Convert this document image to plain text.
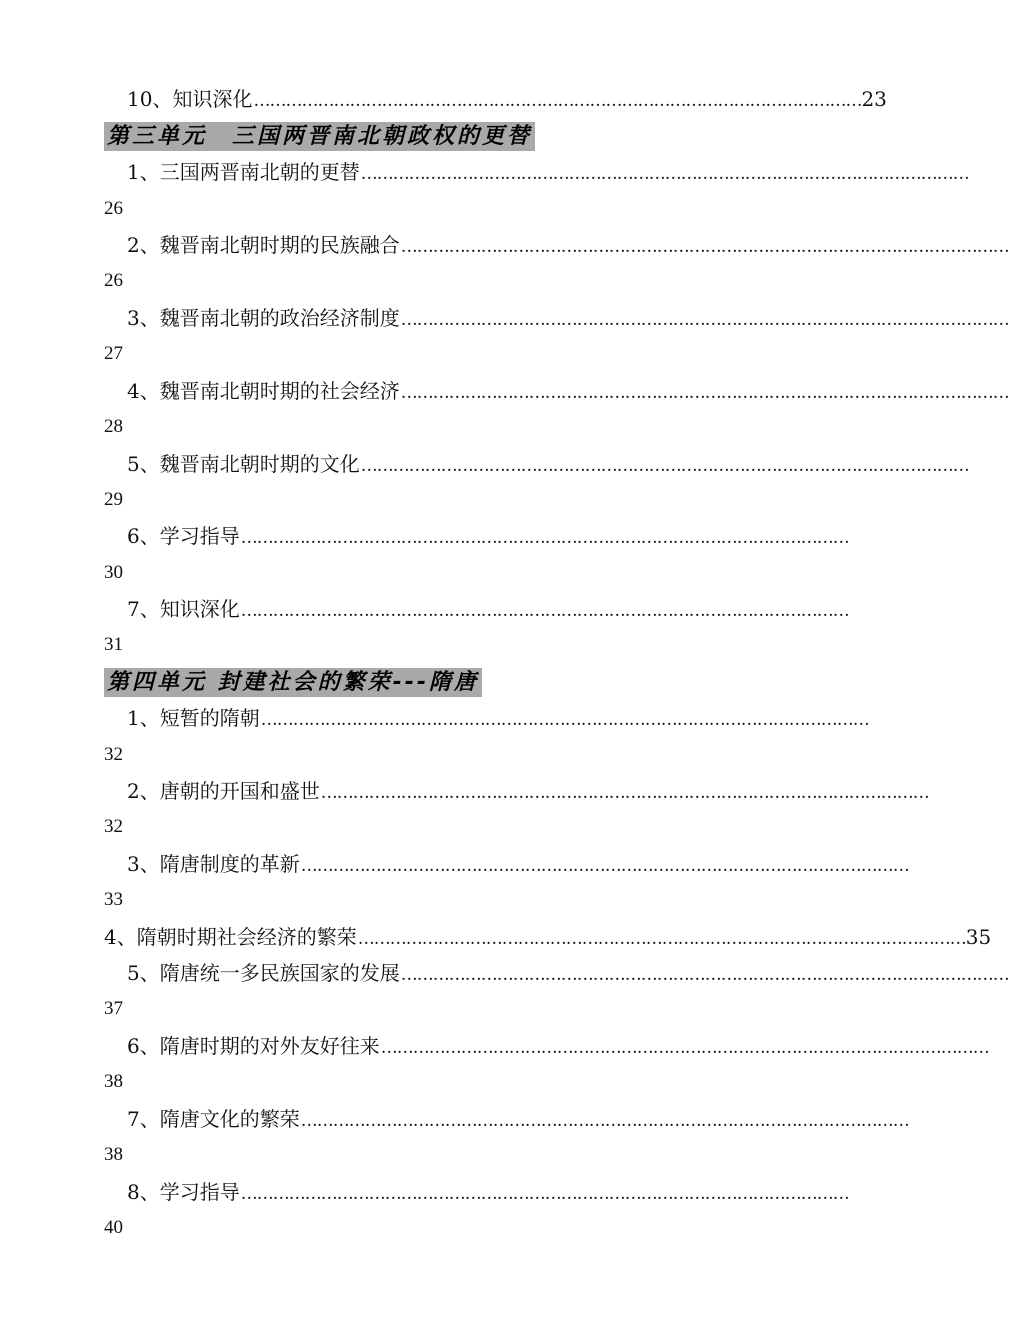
10、知识深化 …………………………………………………………………………………………………… 23
第三单元　三国两晋南北朝政权的更替
1、三国两晋南北朝的更替 ……………………………………………………………………………………………………
26
2、魏晋南北朝时期的民族融合 ……………………………………………………………………………………………………
26
3、魏晋南北朝的政治经济制度 ……………………………………………………………………………………………………
27
4、魏晋南北朝时期的社会经济 ……………………………………………………………………………………………………
28
5、魏晋南北朝时期的文化 ……………………………………………………………………………………………………
29
6、学习指导 ……………………………………………………………………………………………………
30
7、知识深化 ……………………………………………………………………………………………………
31
第四单元 封建社会的繁荣---隋唐
1、短暂的隋朝 ……………………………………………………………………………………………………
32
2、唐朝的开国和盛世 ……………………………………………………………………………………………………
32
3、隋唐制度的革新 ……………………………………………………………………………………………………
33
4、隋朝时期社会经济的繁荣 …………………………………………………………………………………………………… 35
5、隋唐统一多民族国家的发展 ……………………………………………………………………………………………………
37
6、隋唐时期的对外友好往来 ……………………………………………………………………………………………………
38
7、隋唐文化的繁荣 ……………………………………………………………………………………………………
38
8、学习指导 ……………………………………………………………………………………………………
40
